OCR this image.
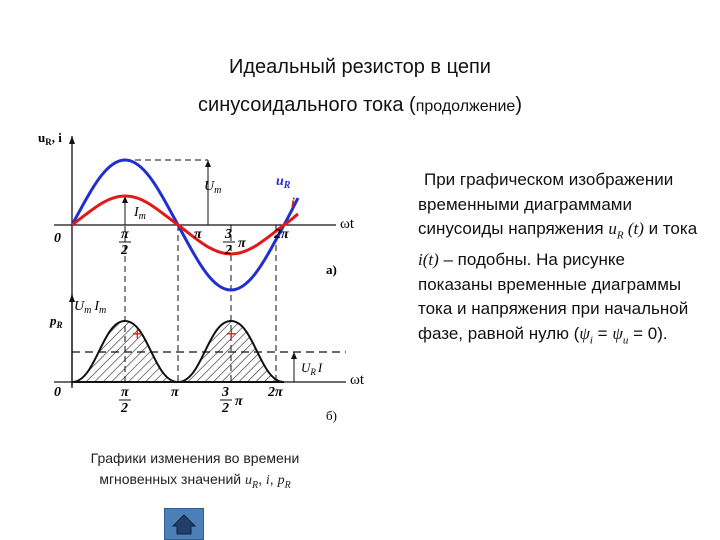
Идеальный резистор в цепи
синусоидального тока (продолжение)
$u_R$, i
$U_m$
$I_m$
$u_R$
i
ωt
а)
0	π
2
π 3
2 π
2π
+	+
$p_R$
$U_m$ $I_m$
$U_R$ I
ωt
б)
0	π
2
π	3
2 π
2π

При графическом изображении временными диаграммами синусоиды напряжения $u_R$ (t) и тока i(t) – подобны. На рисунке показаны временные диаграммы тока и напряжения при начальной фазе, равной нулю $(\psi_i = \psi_u = 0)$.

Графики изменения во времени
мгновенных значений $u_R$, i, $p_R$
